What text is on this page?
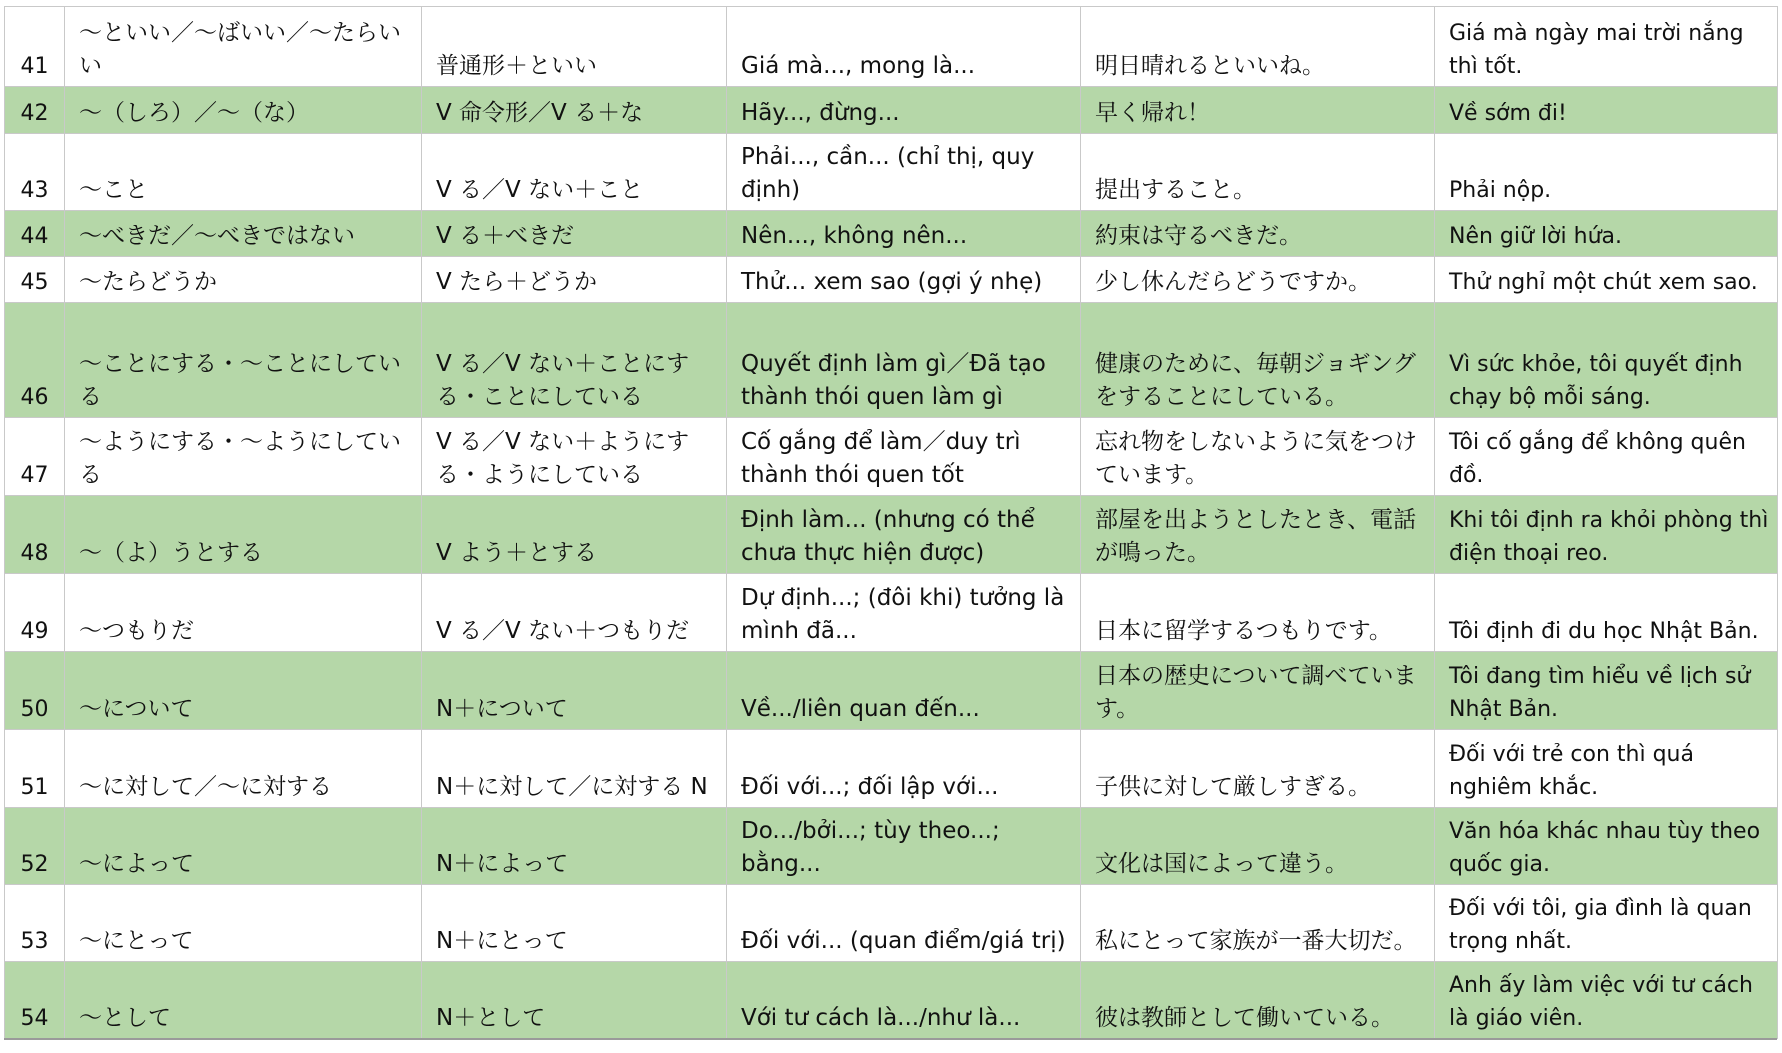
41	～といい／～ばいい／～たらいい	普通形＋といい	Giá mà..., mong là...	明日晴れるといいね。	Giá mà ngày mai trời nắng thì tốt.
42	～（しろ）／～（な）	V 命令形／V る＋な	Hãy..., đừng...	早く帰れ！	Về sớm đi!
43	～こと	V る／V ない＋こと	Phải..., cần... (chỉ thị, quy định)	提出すること。	Phải nộp.
44	～べきだ／～べきではない	V る＋べきだ	Nên..., không nên...	約束は守るべきだ。	Nên giữ lời hứa.
45	～たらどうか	V たら＋どうか	Thử... xem sao (gợi ý nhẹ)	少し休んだらどうですか。	Thử nghỉ một chút xem sao.
46	～ことにする・～ことにしている	V る／V ない＋ことにする・ことにしている	Quyết định làm gì／Đã tạo thành thói quen làm gì	健康のために、毎朝ジョギングをすることにしている。	Vì sức khỏe, tôi quyết định chạy bộ mỗi sáng.
47	～ようにする・～ようにしている	V る／V ない＋ようにする・ようにしている	Cố gắng để làm／duy trì thành thói quen tốt	忘れ物をしないように気をつけています。	Tôi cố gắng để không quên đồ.
48	～（よ）うとする	V よう＋とする	Định làm... (nhưng có thể chưa thực hiện được)	部屋を出ようとしたとき、電話が鳴った。	Khi tôi định ra khỏi phòng thì điện thoại reo.
49	～つもりだ	V る／V ない＋つもりだ	Dự định...; (đôi khi) tưởng là mình đã...	日本に留学するつもりです。	Tôi định đi du học Nhật Bản.
50	～について	N＋について	Về.../liên quan đến...	日本の歴史について調べています。	Tôi đang tìm hiểu về lịch sử Nhật Bản.
51	～に対して／～に対する	N＋に対して／に対する N	Đối với...; đối lập với...	子供に対して厳しすぎる。	Đối với trẻ con thì quá nghiêm khắc.
52	～によって	N＋によって	Do.../bởi...; tùy theo...; bằng...	文化は国によって違う。	Văn hóa khác nhau tùy theo quốc gia.
53	～にとって	N＋にとって	Đối với... (quan điểm/giá trị)	私にとって家族が一番大切だ。	Đối với tôi, gia đình là quan trọng nhất.
54	～として	N＋として	Với tư cách là.../như là...	彼は教師として働いている。	Anh ấy làm việc với tư cách là giáo viên.
